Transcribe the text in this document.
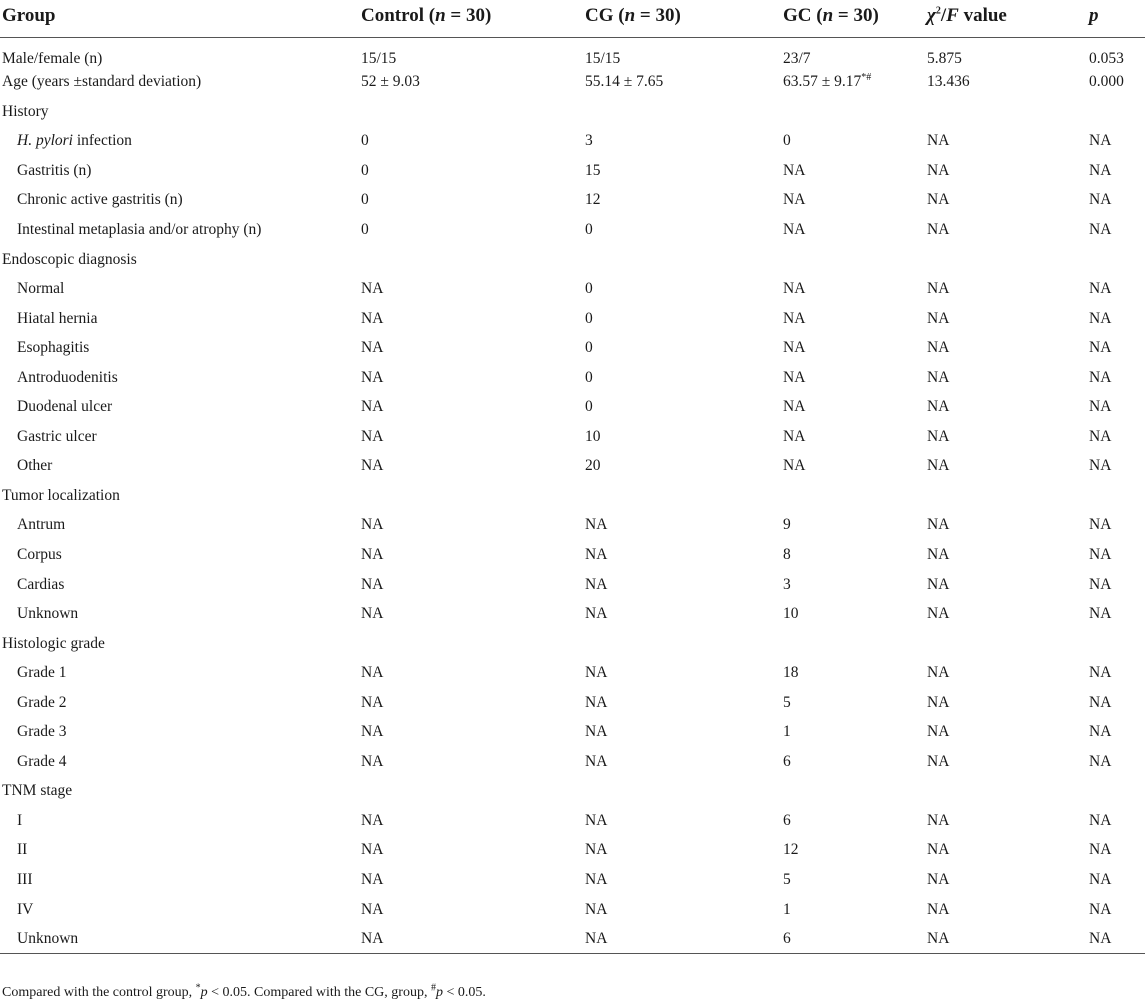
Group	Control (n = 30)	CG (n = 30)	GC (n = 30)	$\chi^2/F$ value	p
Male/female (n)	15/15	15/15	23/7	5.875	0.053
Age (years ±standard deviation)	52 ± 9.03	55.14 ± 7.65	63.57 ± 9.17*#	13.436	0.000
History					
H. pylori infection	0	3	0	NA	NA
Gastritis (n)	0	15	NA	NA	NA
Chronic active gastritis (n)	0	12	NA	NA	NA
Intestinal metaplasia and/or atrophy (n)	0	0	NA	NA	NA
Endoscopic diagnosis					
Normal	NA	0	NA	NA	NA
Hiatal hernia	NA	0	NA	NA	NA
Esophagitis	NA	0	NA	NA	NA
Antroduodenitis	NA	0	NA	NA	NA
Duodenal ulcer	NA	0	NA	NA	NA
Gastric ulcer	NA	10	NA	NA	NA
Other	NA	20	NA	NA	NA
Tumor localization					
Antrum	NA	NA	9	NA	NA
Corpus	NA	NA	8	NA	NA
Cardias	NA	NA	3	NA	NA
Unknown	NA	NA	10	NA	NA
Histologic grade					
Grade 1	NA	NA	18	NA	NA
Grade 2	NA	NA	5	NA	NA
Grade 3	NA	NA	1	NA	NA
Grade 4	NA	NA	6	NA	NA
TNM stage					
I	NA	NA	6	NA	NA
II	NA	NA	12	NA	NA
III	NA	NA	5	NA	NA
IV	NA	NA	1	NA	NA
Unknown	NA	NA	6	NA	NA
Compared with the control group, *p < 0.05. Compared with the CG, group, #p < 0.05.
